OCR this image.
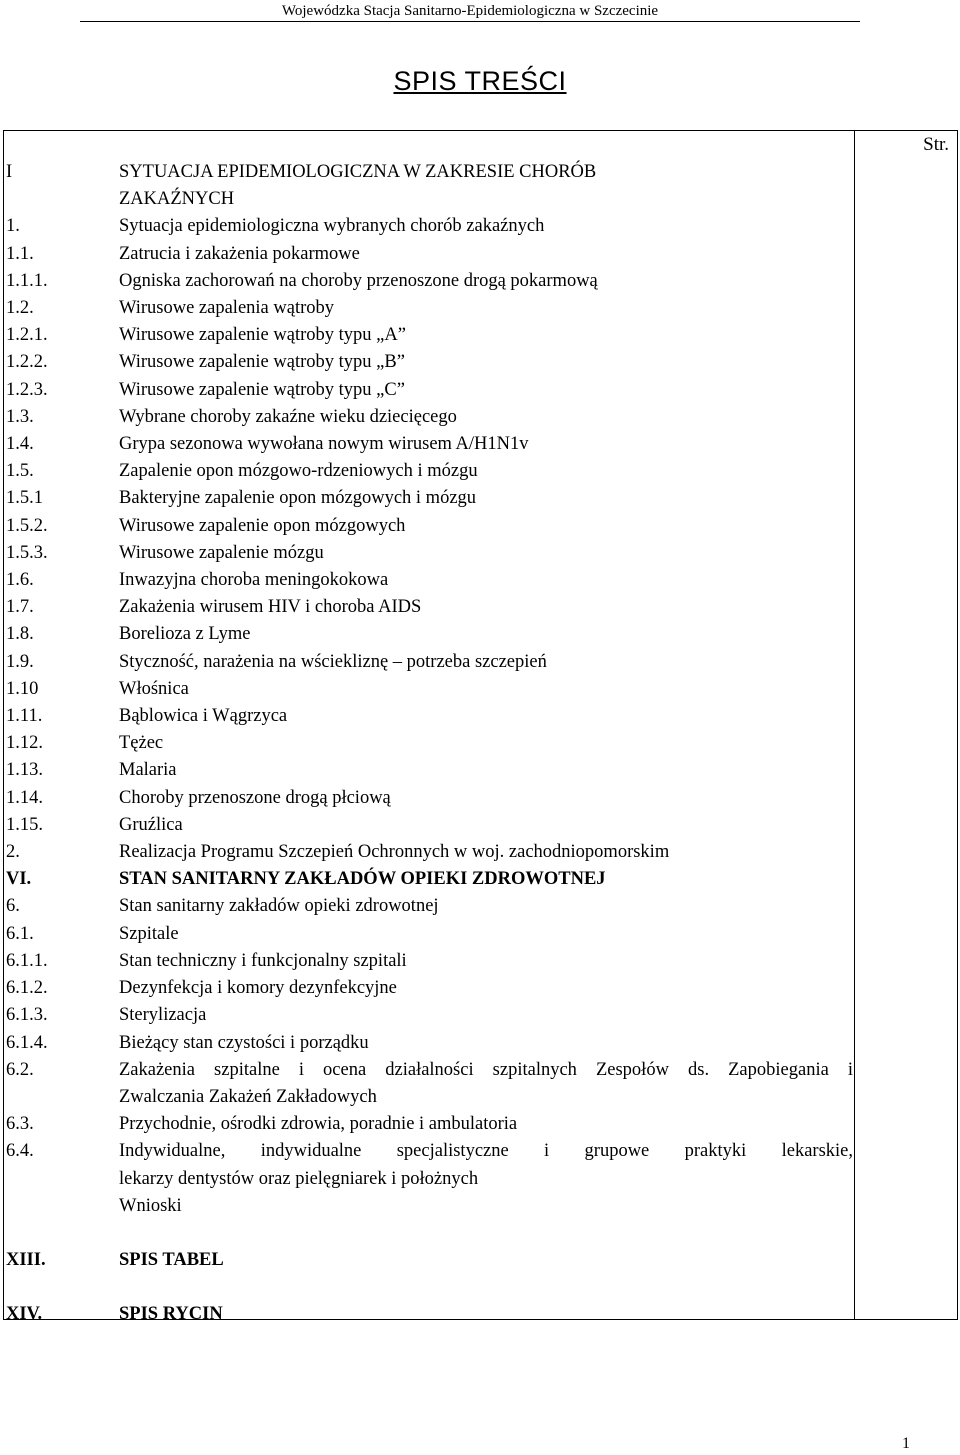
Wojewódzka Stacja Sanitarno-Epidemiologiczna w Szczecinie
SPIS TREŚCI
Str.
I	SYTUACJA EPIDEMIOLOGICZNA W ZAKRESIE CHORÓB
ZAKAŹNYCH
1.	Sytuacja epidemiologiczna wybranych chorób zakaźnych
1.1.	Zatrucia i zakażenia pokarmowe
1.1.1.	Ogniska zachorowań na choroby przenoszone drogą pokarmową
1.2.	Wirusowe zapalenia wątroby
1.2.1.	Wirusowe zapalenie wątroby typu „A”
1.2.2.	Wirusowe zapalenie wątroby typu „B”
1.2.3.	Wirusowe zapalenie wątroby typu „C”
1.3.	Wybrane choroby zakaźne wieku dziecięcego
1.4.	Grypa sezonowa wywołana nowym wirusem A/H1N1v
1.5.	Zapalenie opon mózgowo-rdzeniowych i mózgu
1.5.1	Bakteryjne zapalenie opon mózgowych i mózgu
1.5.2.	Wirusowe zapalenie opon mózgowych
1.5.3.	Wirusowe zapalenie mózgu
1.6.	Inwazyjna choroba meningokokowa
1.7.	Zakażenia wirusem HIV i choroba AIDS
1.8.	Borelioza z Lyme
1.9.	Styczność, narażenia na wściekliznę – potrzeba szczepień
1.10	Włośnica
1.11.	Bąblowica i Wągrzyca
1.12.	Tężec
1.13.	Malaria
1.14.	Choroby przenoszone drogą płciową
1.15.	Gruźlica
2.	Realizacja Programu Szczepień Ochronnych w woj. zachodniopomorskim
VI.	STAN SANITARNY ZAKŁADÓW OPIEKI ZDROWOTNEJ
6.	Stan sanitarny zakładów opieki zdrowotnej
6.1.	Szpitale
6.1.1.	Stan techniczny i funkcjonalny szpitali
6.1.2.	Dezynfekcja i komory dezynfekcyjne
6.1.3.	Sterylizacja
6.1.4.	Bieżący stan czystości i porządku
6.2.	Zakażenia szpitalne i ocena działalności szpitalnych Zespołów ds. Zapobiegania i
Zwalczania Zakażeń Zakładowych
6.3.	Przychodnie, ośrodki zdrowia, poradnie i ambulatoria
6.4.	Indywidualne, indywidualne specjalistyczne i grupowe praktyki lekarskie,
lekarzy dentystów oraz pielęgniarek i położnych
Wnioski
XIII.	SPIS TABEL
XIV.	SPIS RYCIN
1
